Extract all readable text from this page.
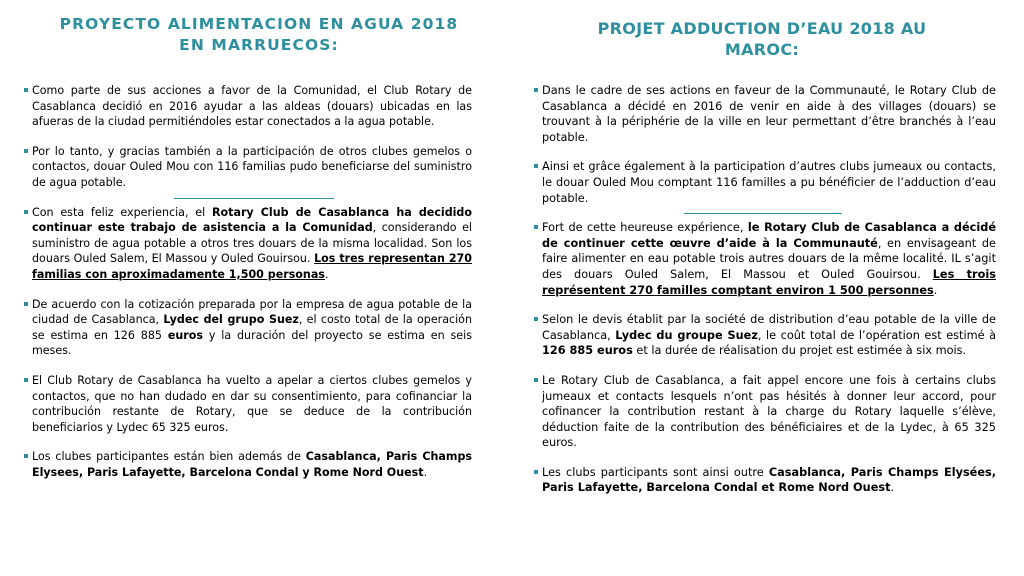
PROYECTO ALIMENTACION EN AGUA 2018
EN MARRUECOS:

Como parte de sus acciones a favor de la Comunidad, el Club Rotary de Casablanca decidió en 2016 ayudar a las aldeas (douars) ubicadas en las afueras de la ciudad permitiéndoles estar conectados a la agua potable.

Por lo tanto, y gracias también a la participación de otros clubes gemelos o contactos, douar Ouled Mou con 116 familias pudo beneficiarse del suministro de agua potable.

Con esta feliz experiencia, el Rotary Club de Casablanca ha decidido continuar este trabajo de asistencia a la Comunidad, considerando el suministro de agua potable a otros tres douars de la misma localidad. Son los douars Ouled Salem, El Massou y Ouled Gouirsou. Los tres representan 270 familias con aproximadamente 1,500 personas.

De acuerdo con la cotización preparada por la empresa de agua potable de la ciudad de Casablanca, Lydec del grupo Suez, el costo total de la operación se estima en 126 885 euros y la duración del proyecto se estima en seis meses.

El Club Rotary de Casablanca ha vuelto a apelar a ciertos clubes gemelos y contactos, que no han dudado en dar su consentimiento, para cofinanciar la contribución restante de Rotary, que se deduce de la contribución beneficiarios y Lydec 65 325 euros.

Los clubes participantes están bien además de Casablanca, Paris Champs Elysees, Paris Lafayette, Barcelona Condal y Rome Nord Ouest.

PROJET ADDUCTION D’EAU 2018 AU
MAROC:

Dans le cadre de ses actions en faveur de la Communauté, le Rotary Club de Casablanca a décidé en 2016 de venir en aide à des villages (douars) se trouvant à la périphérie de la ville en leur permettant d’être branchés à l’eau potable.

Ainsi et grâce également à la participation d’autres clubs jumeaux ou contacts, le douar Ouled Mou comptant 116 familles a pu bénéficier de l’adduction d’eau potable.

Fort de cette heureuse expérience, le Rotary Club de Casablanca a décidé de continuer cette œuvre d’aide à la Communauté, en envisageant de faire alimenter en eau potable trois autres douars de la même localité. IL s’agit des douars Ouled Salem, El Massou et Ouled Gouirsou. Les trois représentent 270 familles comptant environ 1 500 personnes.

Selon le devis établit par la société de distribution d’eau potable de la ville de Casablanca, Lydec du groupe Suez, le coût total de l’opération est estimé à 126 885 euros et la durée de réalisation du projet est estimée à six mois.

Le Rotary Club de Casablanca, a fait appel encore une fois à certains clubs jumeaux et contacts lesquels n’ont pas hésités à donner leur accord, pour cofinancer la contribution restant à la charge du Rotary laquelle s’élève, déduction faite de la contribution des bénéficiaires et de la Lydec, à 65 325 euros.

Les clubs participants sont ainsi outre Casablanca, Paris Champs Elysées, Paris Lafayette, Barcelona Condal et Rome Nord Ouest.
